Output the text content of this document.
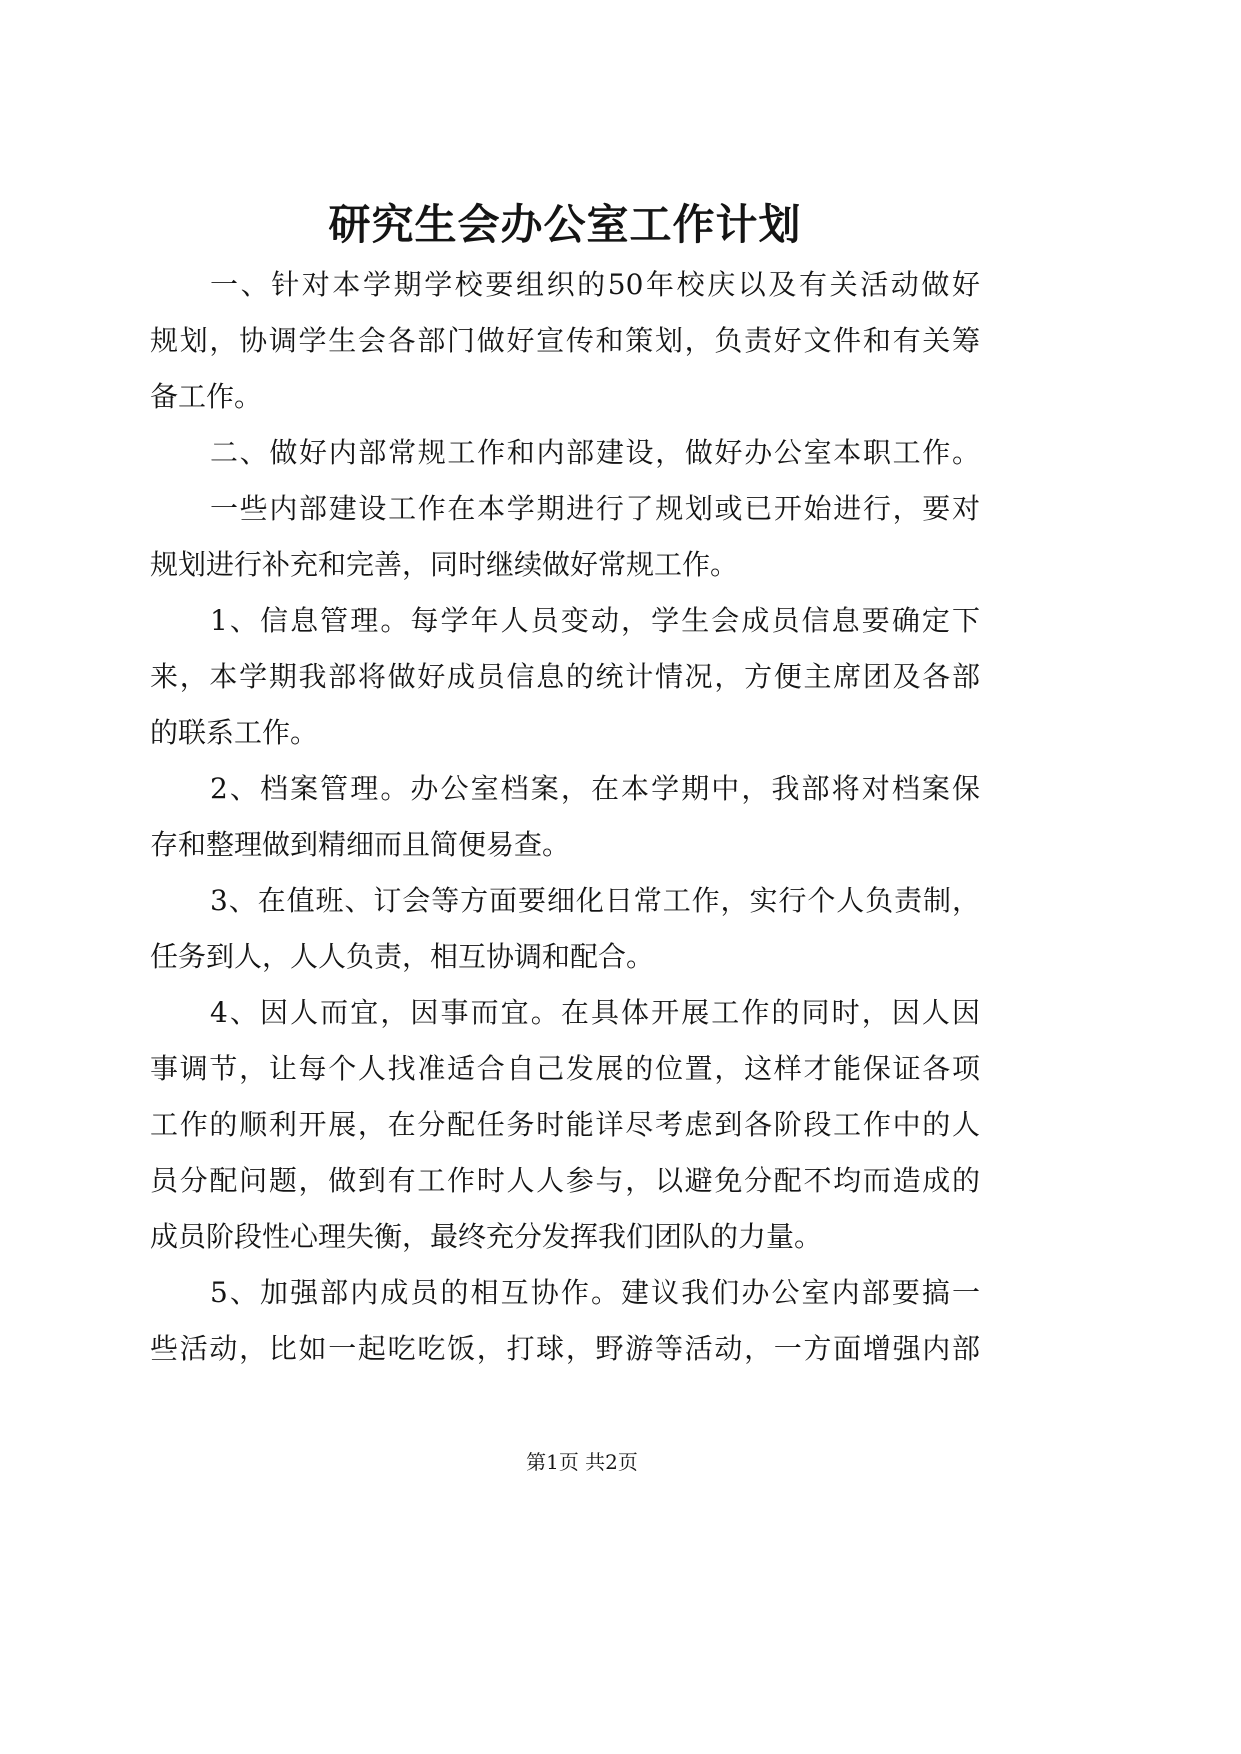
研究生会办公室工作计划
一、针对本学期学校要组织的50年校庆以及有关活动做好
规划，协调学生会各部门做好宣传和策划，负责好文件和有关筹
备工作。
二、做好内部常规工作和内部建设，做好办公室本职工作。
一些内部建设工作在本学期进行了规划或已开始进行，要对
规划进行补充和完善，同时继续做好常规工作。
1、信息管理。每学年人员变动，学生会成员信息要确定下
来，本学期我部将做好成员信息的统计情况，方便主席团及各部
的联系工作。
2、档案管理。办公室档案，在本学期中，我部将对档案保
存和整理做到精细而且简便易查。
3、在值班、订会等方面要细化日常工作，实行个人负责制，
任务到人，人人负责，相互协调和配合。
4、因人而宜，因事而宜。在具体开展工作的同时，因人因
事调节，让每个人找准适合自己发展的位置，这样才能保证各项
工作的顺利开展，在分配任务时能详尽考虑到各阶段工作中的人
员分配问题，做到有工作时人人参与，以避免分配不均而造成的
成员阶段性心理失衡，最终充分发挥我们团队的力量。
5、加强部内成员的相互协作。建议我们办公室内部要搞一
些活动，比如一起吃吃饭，打球，野游等活动，一方面增强内部
第1页 共2页
